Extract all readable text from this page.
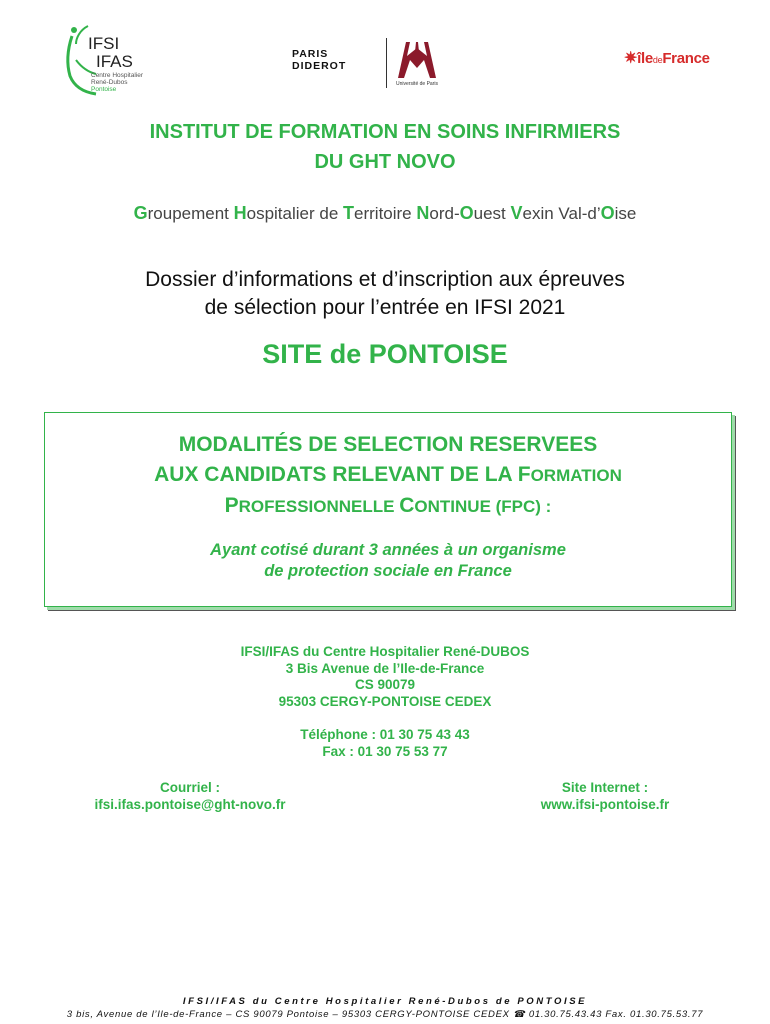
IFSI
IFAS
Centre Hospitalier
René-Dubos
Pontoise
PARIS
DIDEROT
Université de Paris
✷îledeFrance
INSTITUT DE FORMATION EN SOINS INFIRMIERS
DU GHT NOVO
Groupement Hospitalier de Territoire Nord-Ouest Vexin Val-d’Oise
Dossier d’informations et d’inscription aux épreuves
de sélection pour l’entrée en IFSI 2021
SITE de PONTOISE
MODALITÉS DE SELECTION RESERVEES
AUX CANDIDATS RELEVANT DE LA FORMATION
PROFESSIONNELLE CONTINUE (FPC) :
Ayant cotisé durant 3 années à un organisme
de protection sociale en France
IFSI/IFAS du Centre Hospitalier René-DUBOS
3 Bis Avenue de l’Ile-de-France
CS 90079
95303 CERGY-PONTOISE CEDEX
Téléphone : 01 30 75 43 43
Fax : 01 30 75 53 77
Courriel :
ifsi.ifas.pontoise@ght-novo.fr
Site Internet :
www.ifsi-pontoise.fr
IFSI/IFAS du Centre Hospitalier René-Dubos de PONTOISE
3 bis, Avenue de l’Ile-de-France – CS 90079 Pontoise – 95303 CERGY-PONTOISE CEDEX ☎ 01.30.75.43.43 Fax. 01.30.75.53.77
